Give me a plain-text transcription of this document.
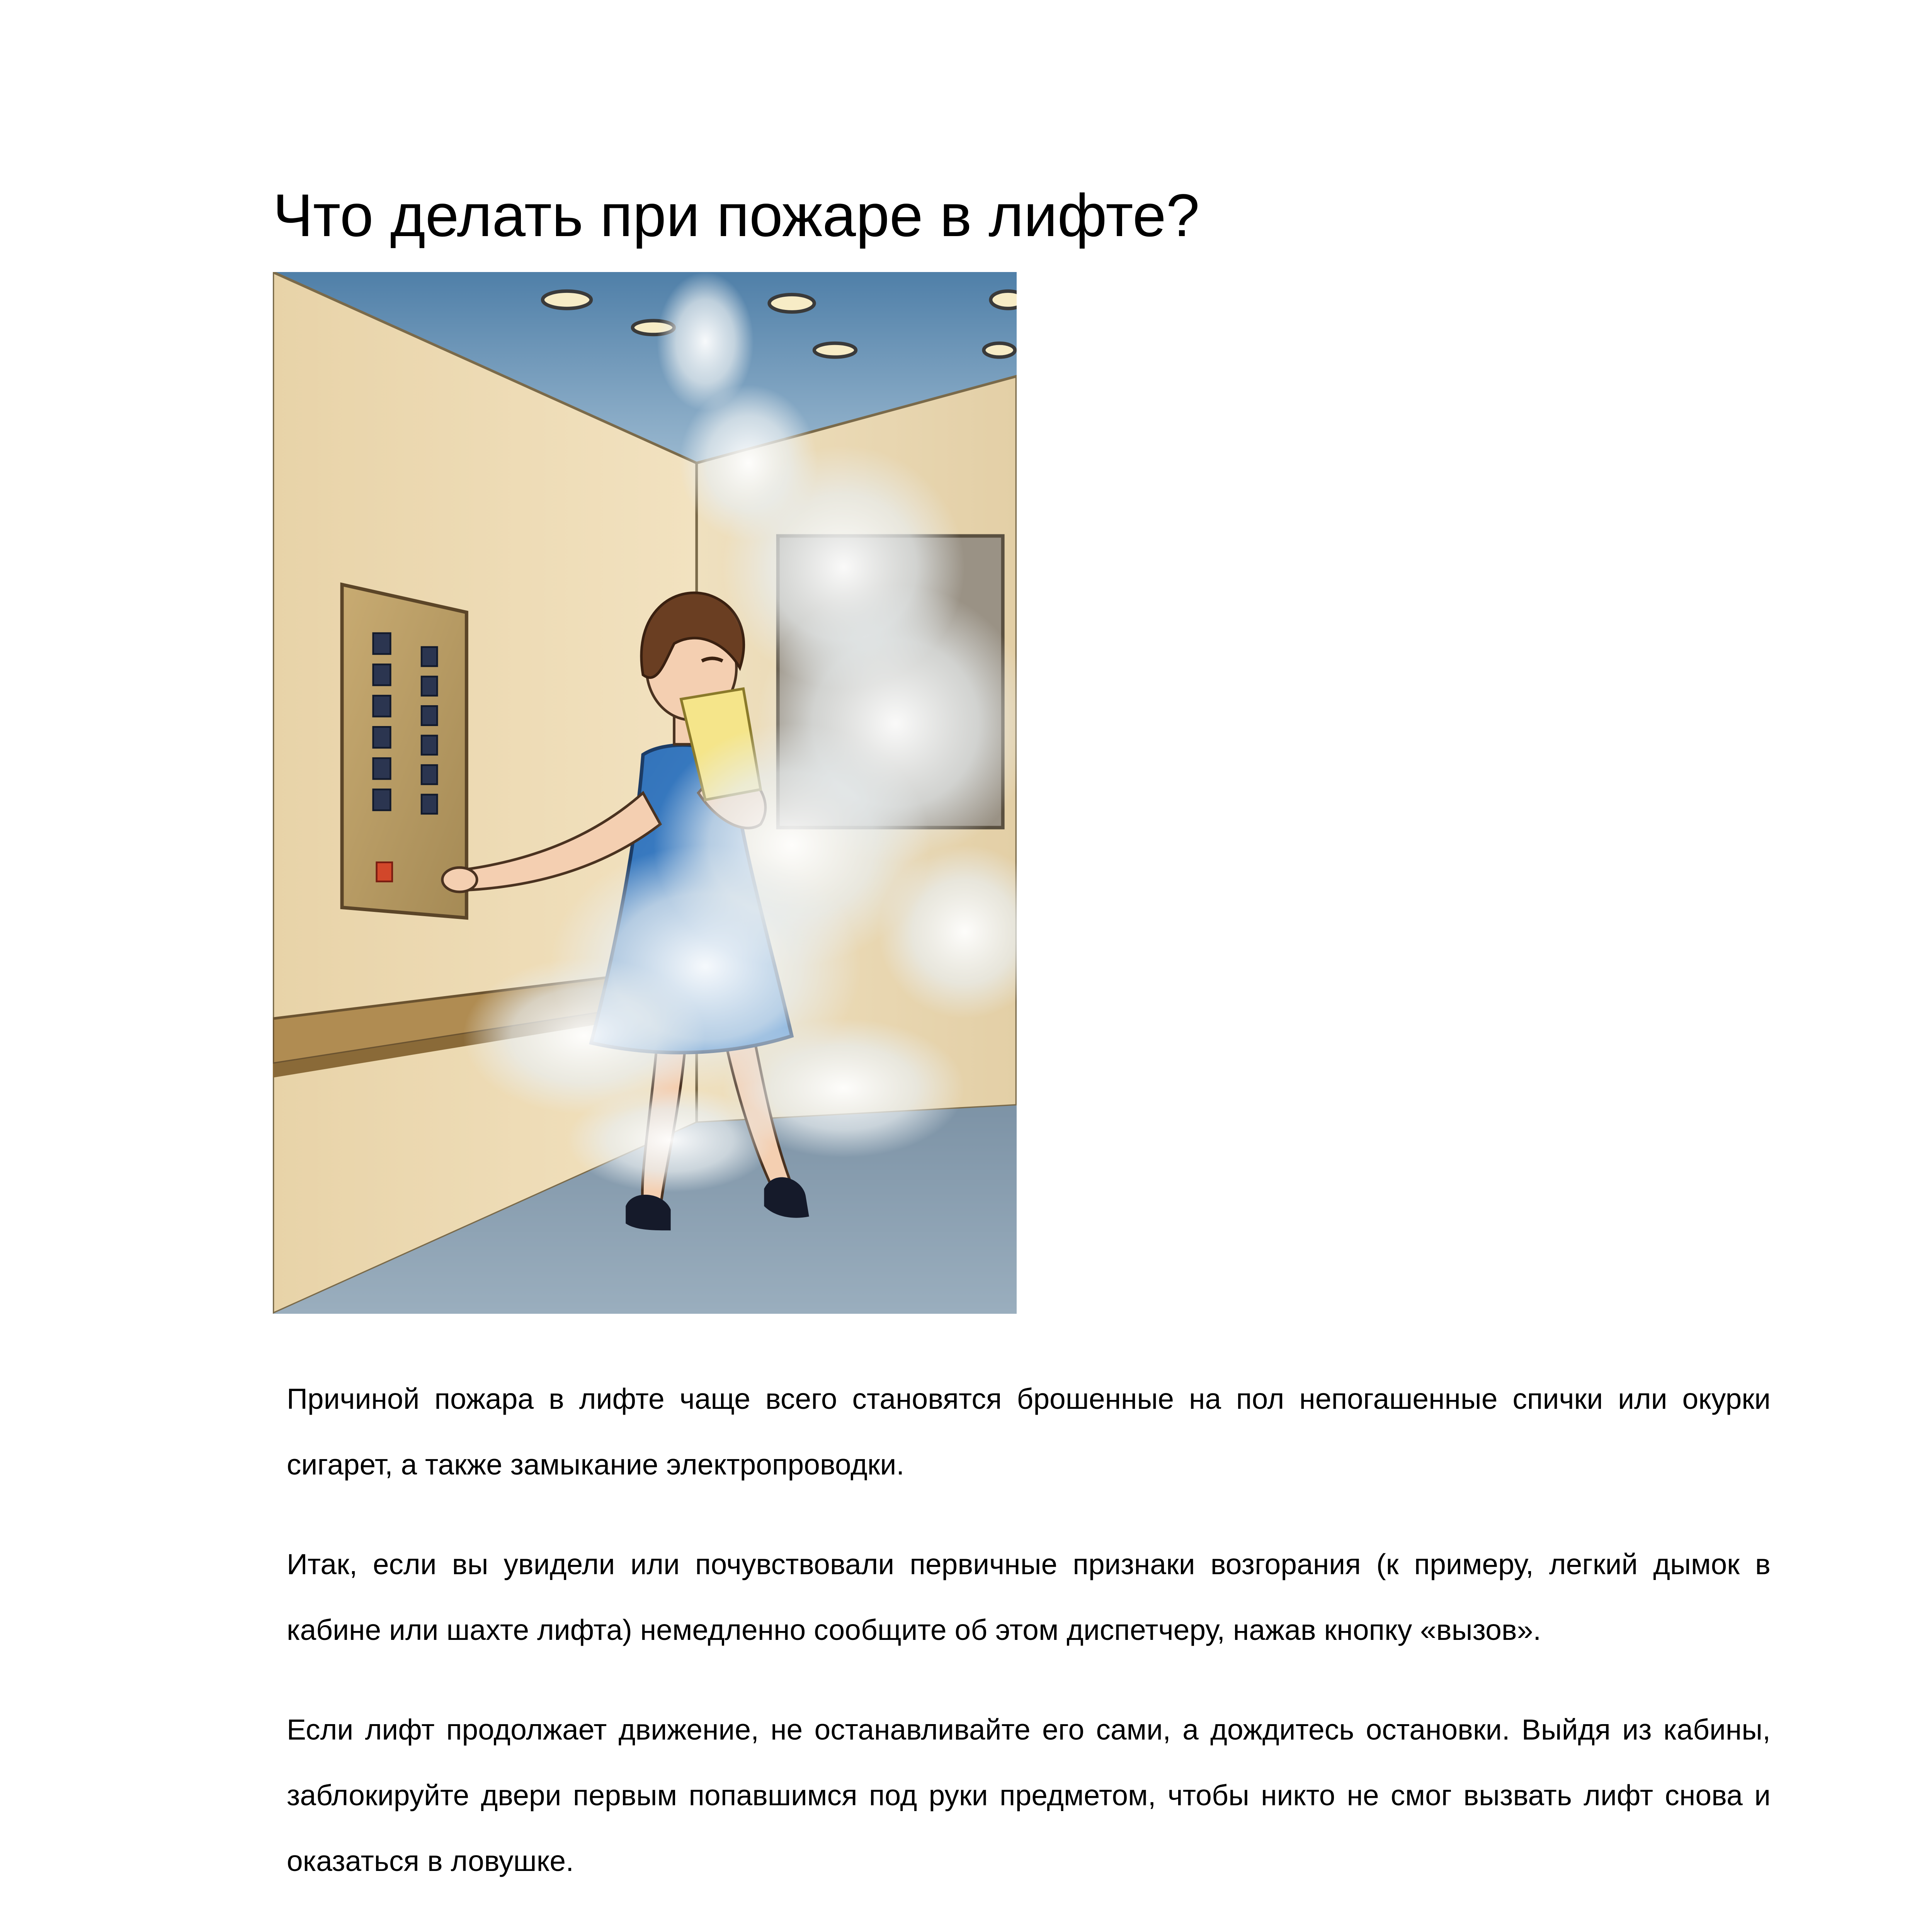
Что делать при пожаре в лифте?

Причиной пожара в лифте чаще всего становятся брошенные на пол непогашенные спички или окурки сигарет, а также замыкание электропроводки.

Итак, если вы увидели или почувствовали первичные признаки возгорания (к примеру, легкий дымок в кабине или шахте лифта) немедленно сообщите об этом диспетчеру, нажав кнопку «вызов».

Если лифт продолжает движение, не останавливайте его сами, а дождитесь остановки. Выйдя из кабины, заблокируйте двери первым попавшимся под руки предметом, чтобы никто не смог вызвать лифт снова и оказаться в ловушке.
